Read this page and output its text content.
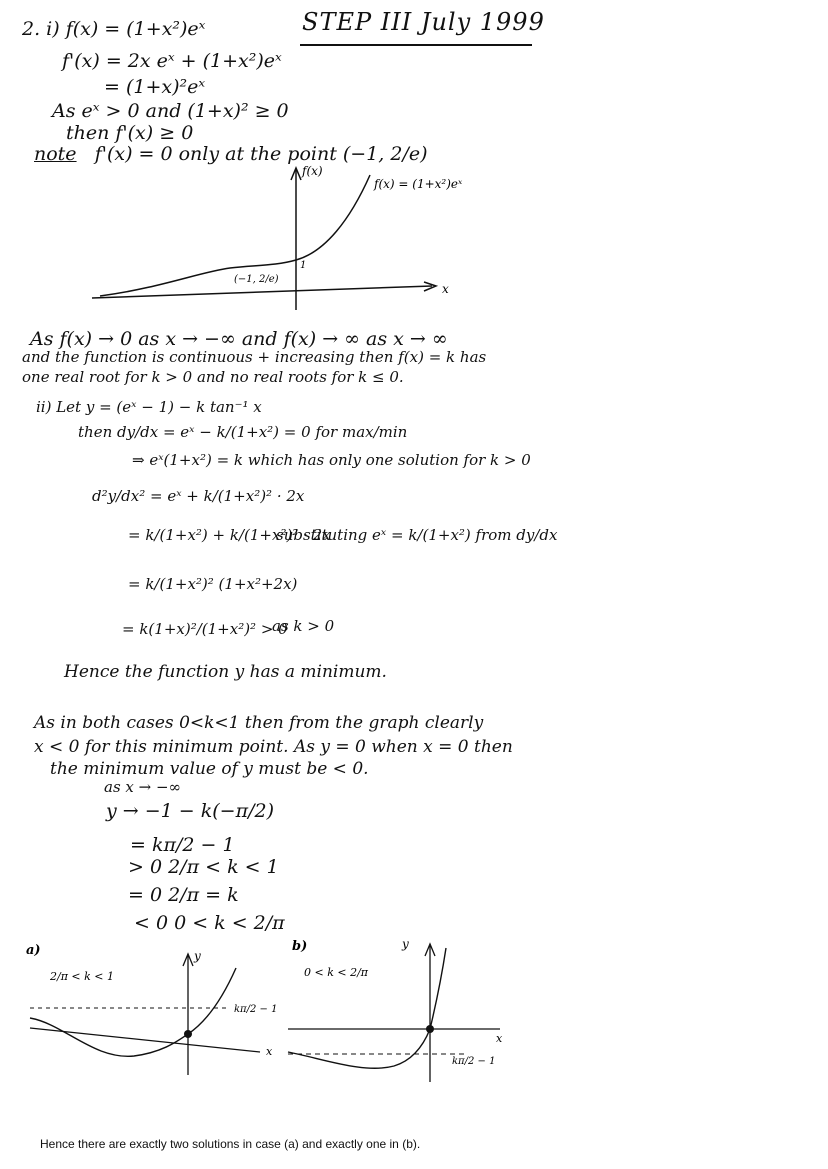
STEP III July 1999
2. i) f(x) = (1+x²)eˣ
f'(x) = 2x eˣ + (1+x²)eˣ
= (1+x)²eˣ
As eˣ > 0 and (1+x)² ≥ 0
then f'(x) ≥ 0
note f'(x) = 0 only at the point (−1, 2/e)
f(x)
x
f(x) = (1+x²)eˣ
(−1, 2/e)
1
As f(x) → 0 as x → −∞ and f(x) → ∞ as x → ∞
and the function is continuous + increasing then f(x) = k has
one real root for k > 0 and no real roots for k ≤ 0.
ii) Let y = (eˣ − 1) − k tan⁻¹ x
then dy/dx = eˣ − k/(1+x²) = 0 for max/min
⇒ eˣ(1+x²) = k which has only one solution for k > 0
d²y/dx² = eˣ + k/(1+x²)² · 2x
= k/(1+x²) + k/(1+x²)² · 2x
substituting eˣ = k/(1+x²) from dy/dx
= k/(1+x²)² (1+x²+2x)
= k(1+x)²/(1+x²)² > 0
as k > 0
Hence the function y has a minimum.
As in both cases 0<k<1 then from the graph clearly
x < 0 for this minimum point. As y = 0 when x = 0 then
the minimum value of y must be < 0.
as x → −∞
y → −1 − k(−π/2)
= kπ/2 − 1
> 0 2/π < k < 1
= 0 2/π = k
< 0 0 < k < 2/π
a)
2/π < k < 1
y
x
kπ/2 − 1
b)
0 < k < 2/π
y
x
kπ/2 − 1
Hence there are exactly two solutions in case (a) and exactly one in (b).
